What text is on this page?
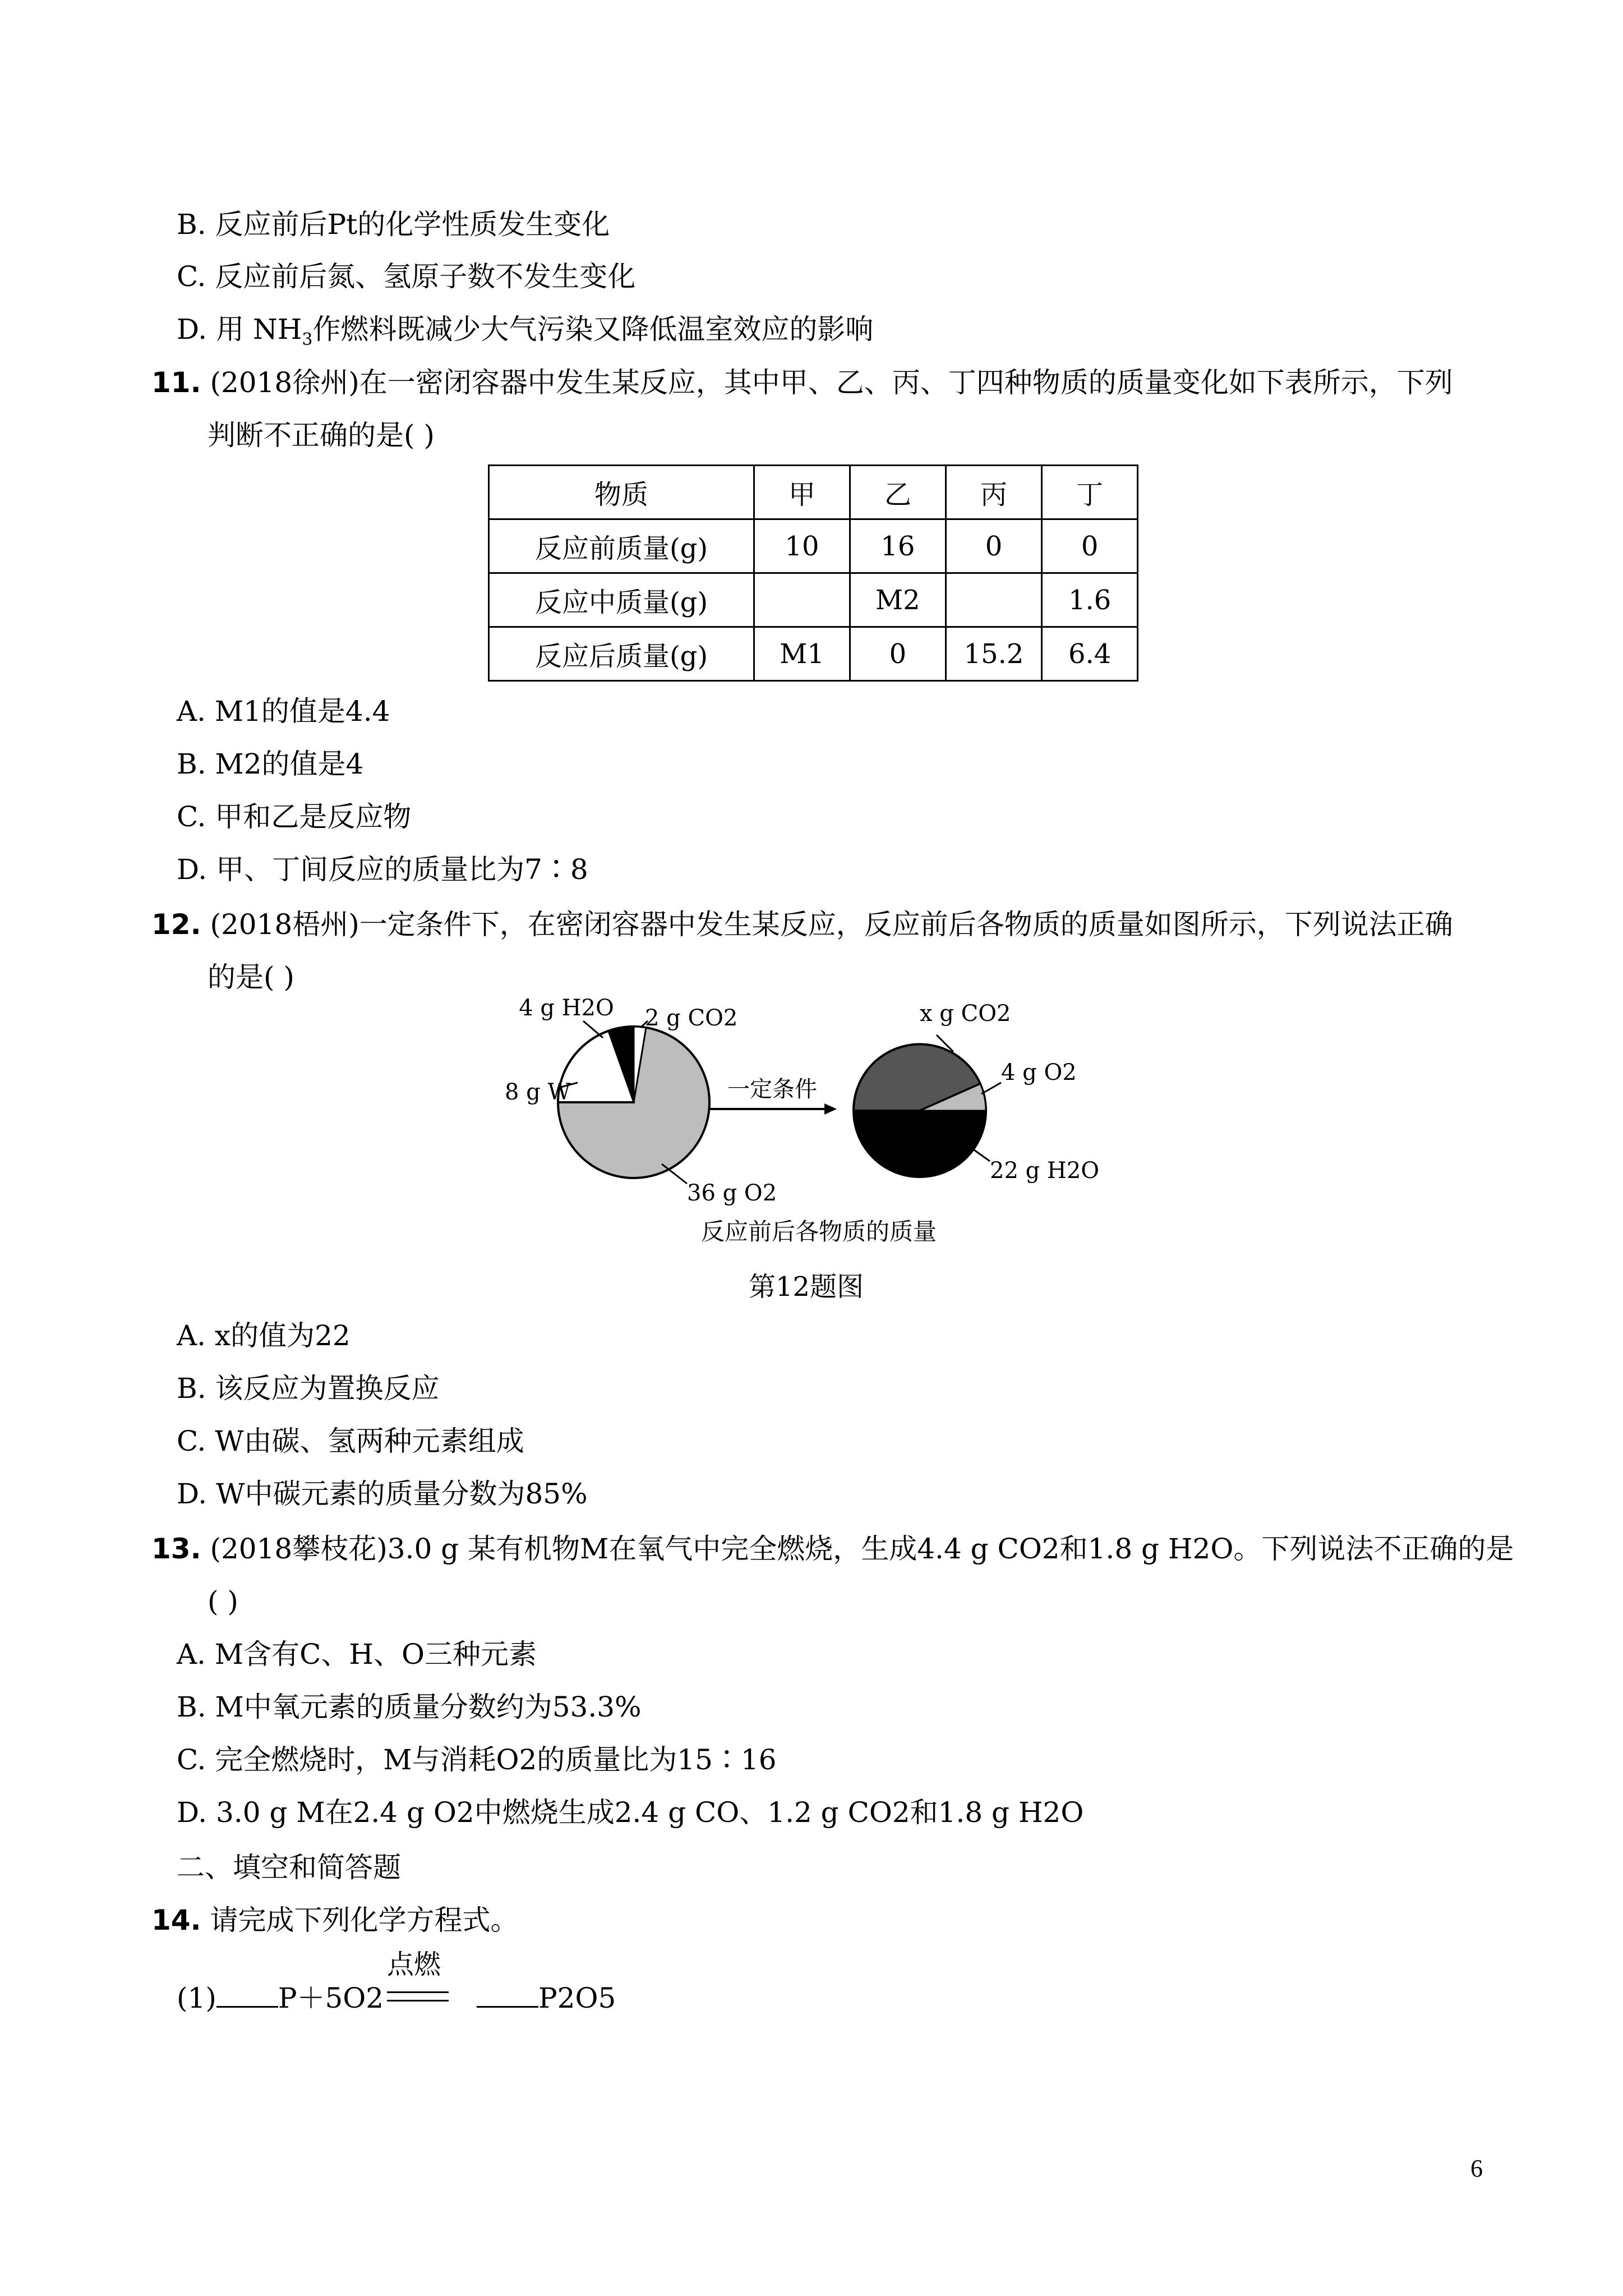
B. 反应前后Pt的化学性质发生变化
C. 反应前后氮、氢原子数不发生变化
D. 用 $NH_3$作燃料既减少大气污染又降低温室效应的影响
11. (2018徐州)在一密闭容器中发生某反应，其中甲、乙、丙、丁四种物质的质量变化如下表所示，下列
判断不正确的是( )
物质	甲	乙	丙	丁
反应前质量(g)	10	16	0	0
反应中质量(g)		M2		1.6
反应后质量(g)	M1	0	15.2	6.4
A. M1的值是4.4
B. M2的值是4
C. 甲和乙是反应物
D. 甲、丁间反应的质量比为7∶8
12. (2018梧州)一定条件下，在密闭容器中发生某反应，反应前后各物质的质量如图所示，下列说法正确
的是( )
4 g H2O 2 g CO2
8 g W
36 g O2
一定条件
x g CO2
4 g O2
22 g H2O
反应前后各物质的质量
第12题图
A. x的值为22
B. 该反应为置换反应
C. W由碳、氢两种元素组成
D. W中碳元素的质量分数为85%
13. (2018攀枝花)3.0 g 某有机物M在氧气中完全燃烧，生成4.4 g CO2和1.8 g H2O。下列说法不正确的是
( )
A. M含有C、H、O三种元素
B. M中氧元素的质量分数约为53.3%
C. 完全燃烧时，M与消耗O2的质量比为15∶16
D. 3.0 g M在2.4 g O2中燃烧生成2.4 g CO、1.2 g CO2和1.8 g H2O
二、填空和简答题
14. 请完成下列化学方程式。
(1) P＋5O2
点燃
P2O5
6
